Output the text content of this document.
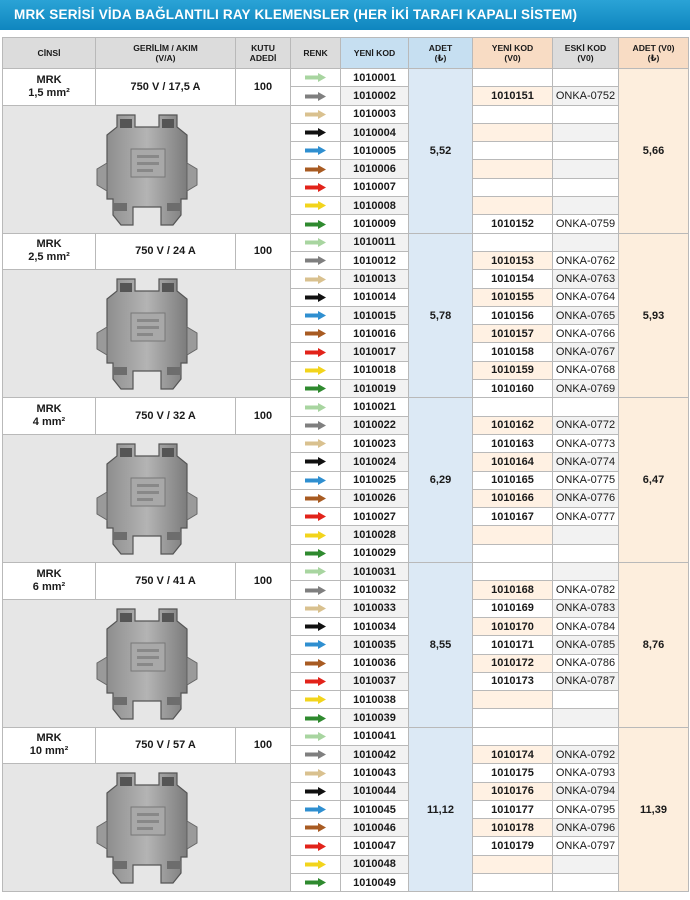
MRK SERİSİ VİDA BAĞLANTILI RAY KLEMENSLER (HER İKİ TARAFI KAPALI SİSTEM)
CİNSİ	GERİLİM / AKIM
(V/A)	KUTU
ADEDİ	RENK	YENİ KOD	ADET
(₺)	YENİ KOD
(V0)	ESKİ KOD
(V0)	ADET (V0)
(₺)
MRK
1,5 mm²	750 V / 17,5 A	100		1010001	5,52			5,66
	1010002		1010151	ONKA-0752	

		1010003				
	1010004				
	1010005				
	1010006				
	1010007				
	1010008				
	1010009		1010152	ONKA-0759	
MRK
2,5 mm²	750 V / 24 A	100		1010011	5,78			5,93
	1010012		1010153	ONKA-0762	

		1010013		1010154	ONKA-0763	
	1010014		1010155	ONKA-0764	
	1010015		1010156	ONKA-0765	
	1010016		1010157	ONKA-0766	
	1010017		1010158	ONKA-0767	
	1010018		1010159	ONKA-0768	
	1010019		1010160	ONKA-0769	
MRK
4 mm²	750 V / 32 A	100		1010021	6,29			6,47
	1010022		1010162	ONKA-0772	

		1010023		1010163	ONKA-0773	
	1010024		1010164	ONKA-0774	
	1010025		1010165	ONKA-0775	
	1010026		1010166	ONKA-0776	
	1010027		1010167	ONKA-0777	
	1010028				
	1010029				
MRK
6 mm²	750 V / 41 A	100		1010031	8,55			8,76
	1010032		1010168	ONKA-0782	

		1010033		1010169	ONKA-0783	
	1010034		1010170	ONKA-0784	
	1010035		1010171	ONKA-0785	
	1010036		1010172	ONKA-0786	
	1010037		1010173	ONKA-0787	
	1010038				
	1010039				
MRK
10 mm²	750 V / 57 A	100		1010041	11,12			11,39
	1010042		1010174	ONKA-0792	

		1010043		1010175	ONKA-0793	
	1010044		1010176	ONKA-0794	
	1010045		1010177	ONKA-0795	
	1010046		1010178	ONKA-0796	
	1010047		1010179	ONKA-0797	
	1010048				
	1010049				
